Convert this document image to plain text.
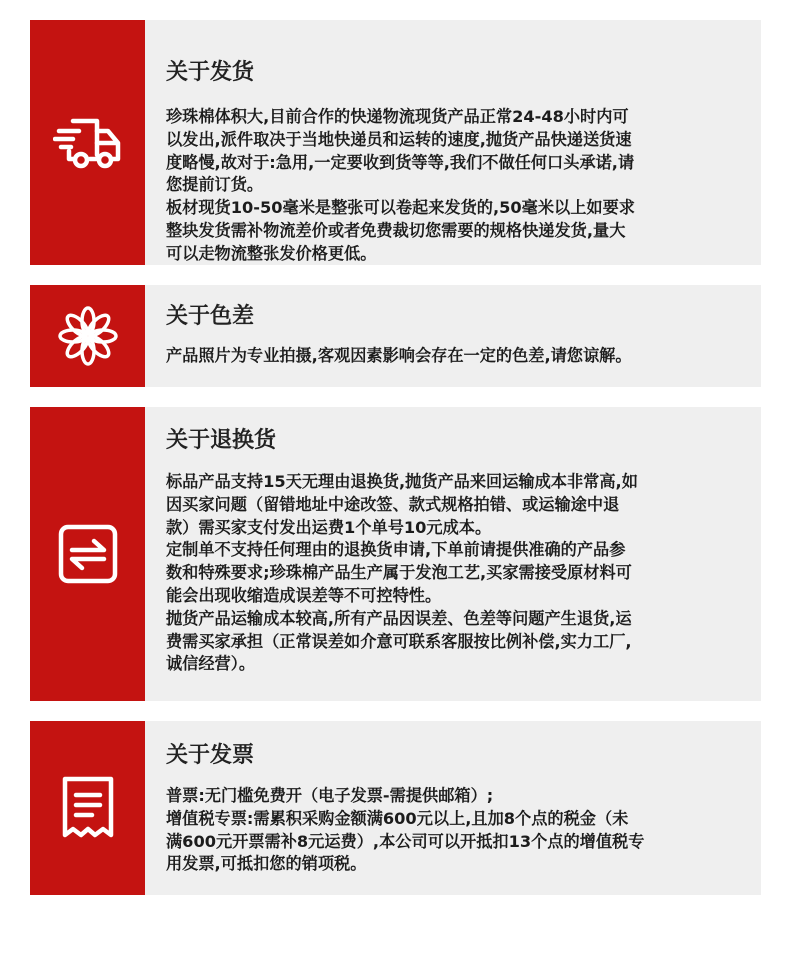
关于发货

珍珠棉体积大,目前合作的快递物流现货产品正常24-48小时内可

以发出,派件取决于当地快递员和运转的速度,抛货产品快递送货速

度略慢,故对于:急用,一定要收到货等等,我们不做任何口头承诺,请

您提前订货。

板材现货10-50毫米是整张可以卷起来发货的,50毫米以上如要求

整块发货需补物流差价或者免费裁切您需要的规格快递发货,量大

可以走物流整张发价格更低。

关于色差

产品照片为专业拍摄,客观因素影响会存在一定的色差,请您谅解。

关于退换货

标品产品支持15天无理由退换货,抛货产品来回运输成本非常高,如

因买家问题（留错地址中途改签、款式规格拍错、或运输途中退

款）需买家支付发出运费1个单号10元成本。

定制单不支持任何理由的退换货申请,下单前请提供准确的产品参

数和特殊要求;珍珠棉产品生产属于发泡工艺,买家需接受原材料可

能会出现收缩造成误差等不可控特性。

抛货产品运输成本较高,所有产品因误差、色差等问题产生退货,运

费需买家承担（正常误差如介意可联系客服按比例补偿,实力工厂,

诚信经营）。

关于发票

普票:无门槛免费开（电子发票-需提供邮箱）;

增值税专票:需累积采购金额满600元以上,且加8个点的税金（未

满600元开票需补8元运费）,本公司可以开抵扣13个点的增值税专

用发票,可抵扣您的销项税。
